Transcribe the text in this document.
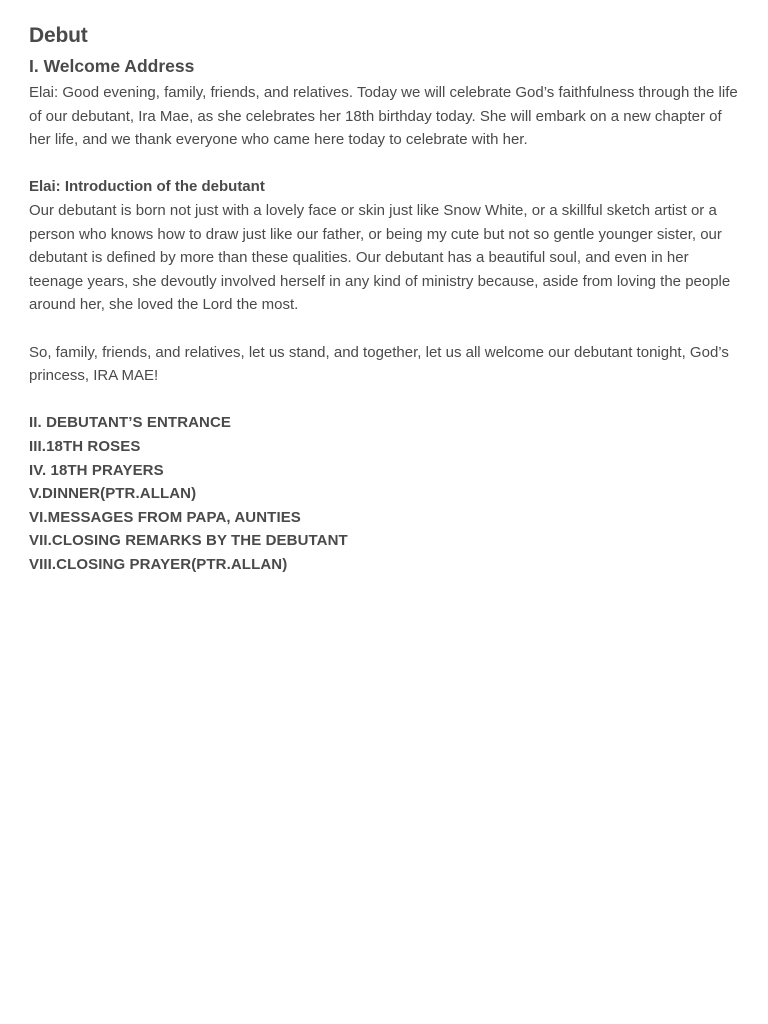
Debut
I. Welcome Address

Elai: Good evening, family, friends, and relatives. Today we will celebrate God’s faithfulness through the life of our debutant, Ira Mae, as she celebrates her 18th birthday today. She will embark on a new chapter of her life, and we thank everyone who came here today to celebrate with her.

Elai: Introduction of the debutant

Our debutant is born not just with a lovely face or skin just like Snow White, or a skillful sketch artist or a person who knows how to draw just like our father, or being my cute but not so gentle younger sister, our debutant is defined by more than these qualities. Our debutant has a beautiful soul, and even in her teenage years, she devoutly involved herself in any kind of ministry because, aside from loving the people around her, she loved the Lord the most.

So, family, friends, and relatives, let us stand, and together, let us all welcome our debutant tonight, God’s princess, IRA MAE!

II. DEBUTANT’S ENTRANCE
III.18TH ROSES
IV. 18TH PRAYERS
V.DINNER(PTR.ALLAN)
VI.MESSAGES FROM PAPA, AUNTIES
VII.CLOSING REMARKS BY THE DEBUTANT
VIII.CLOSING PRAYER(PTR.ALLAN)
